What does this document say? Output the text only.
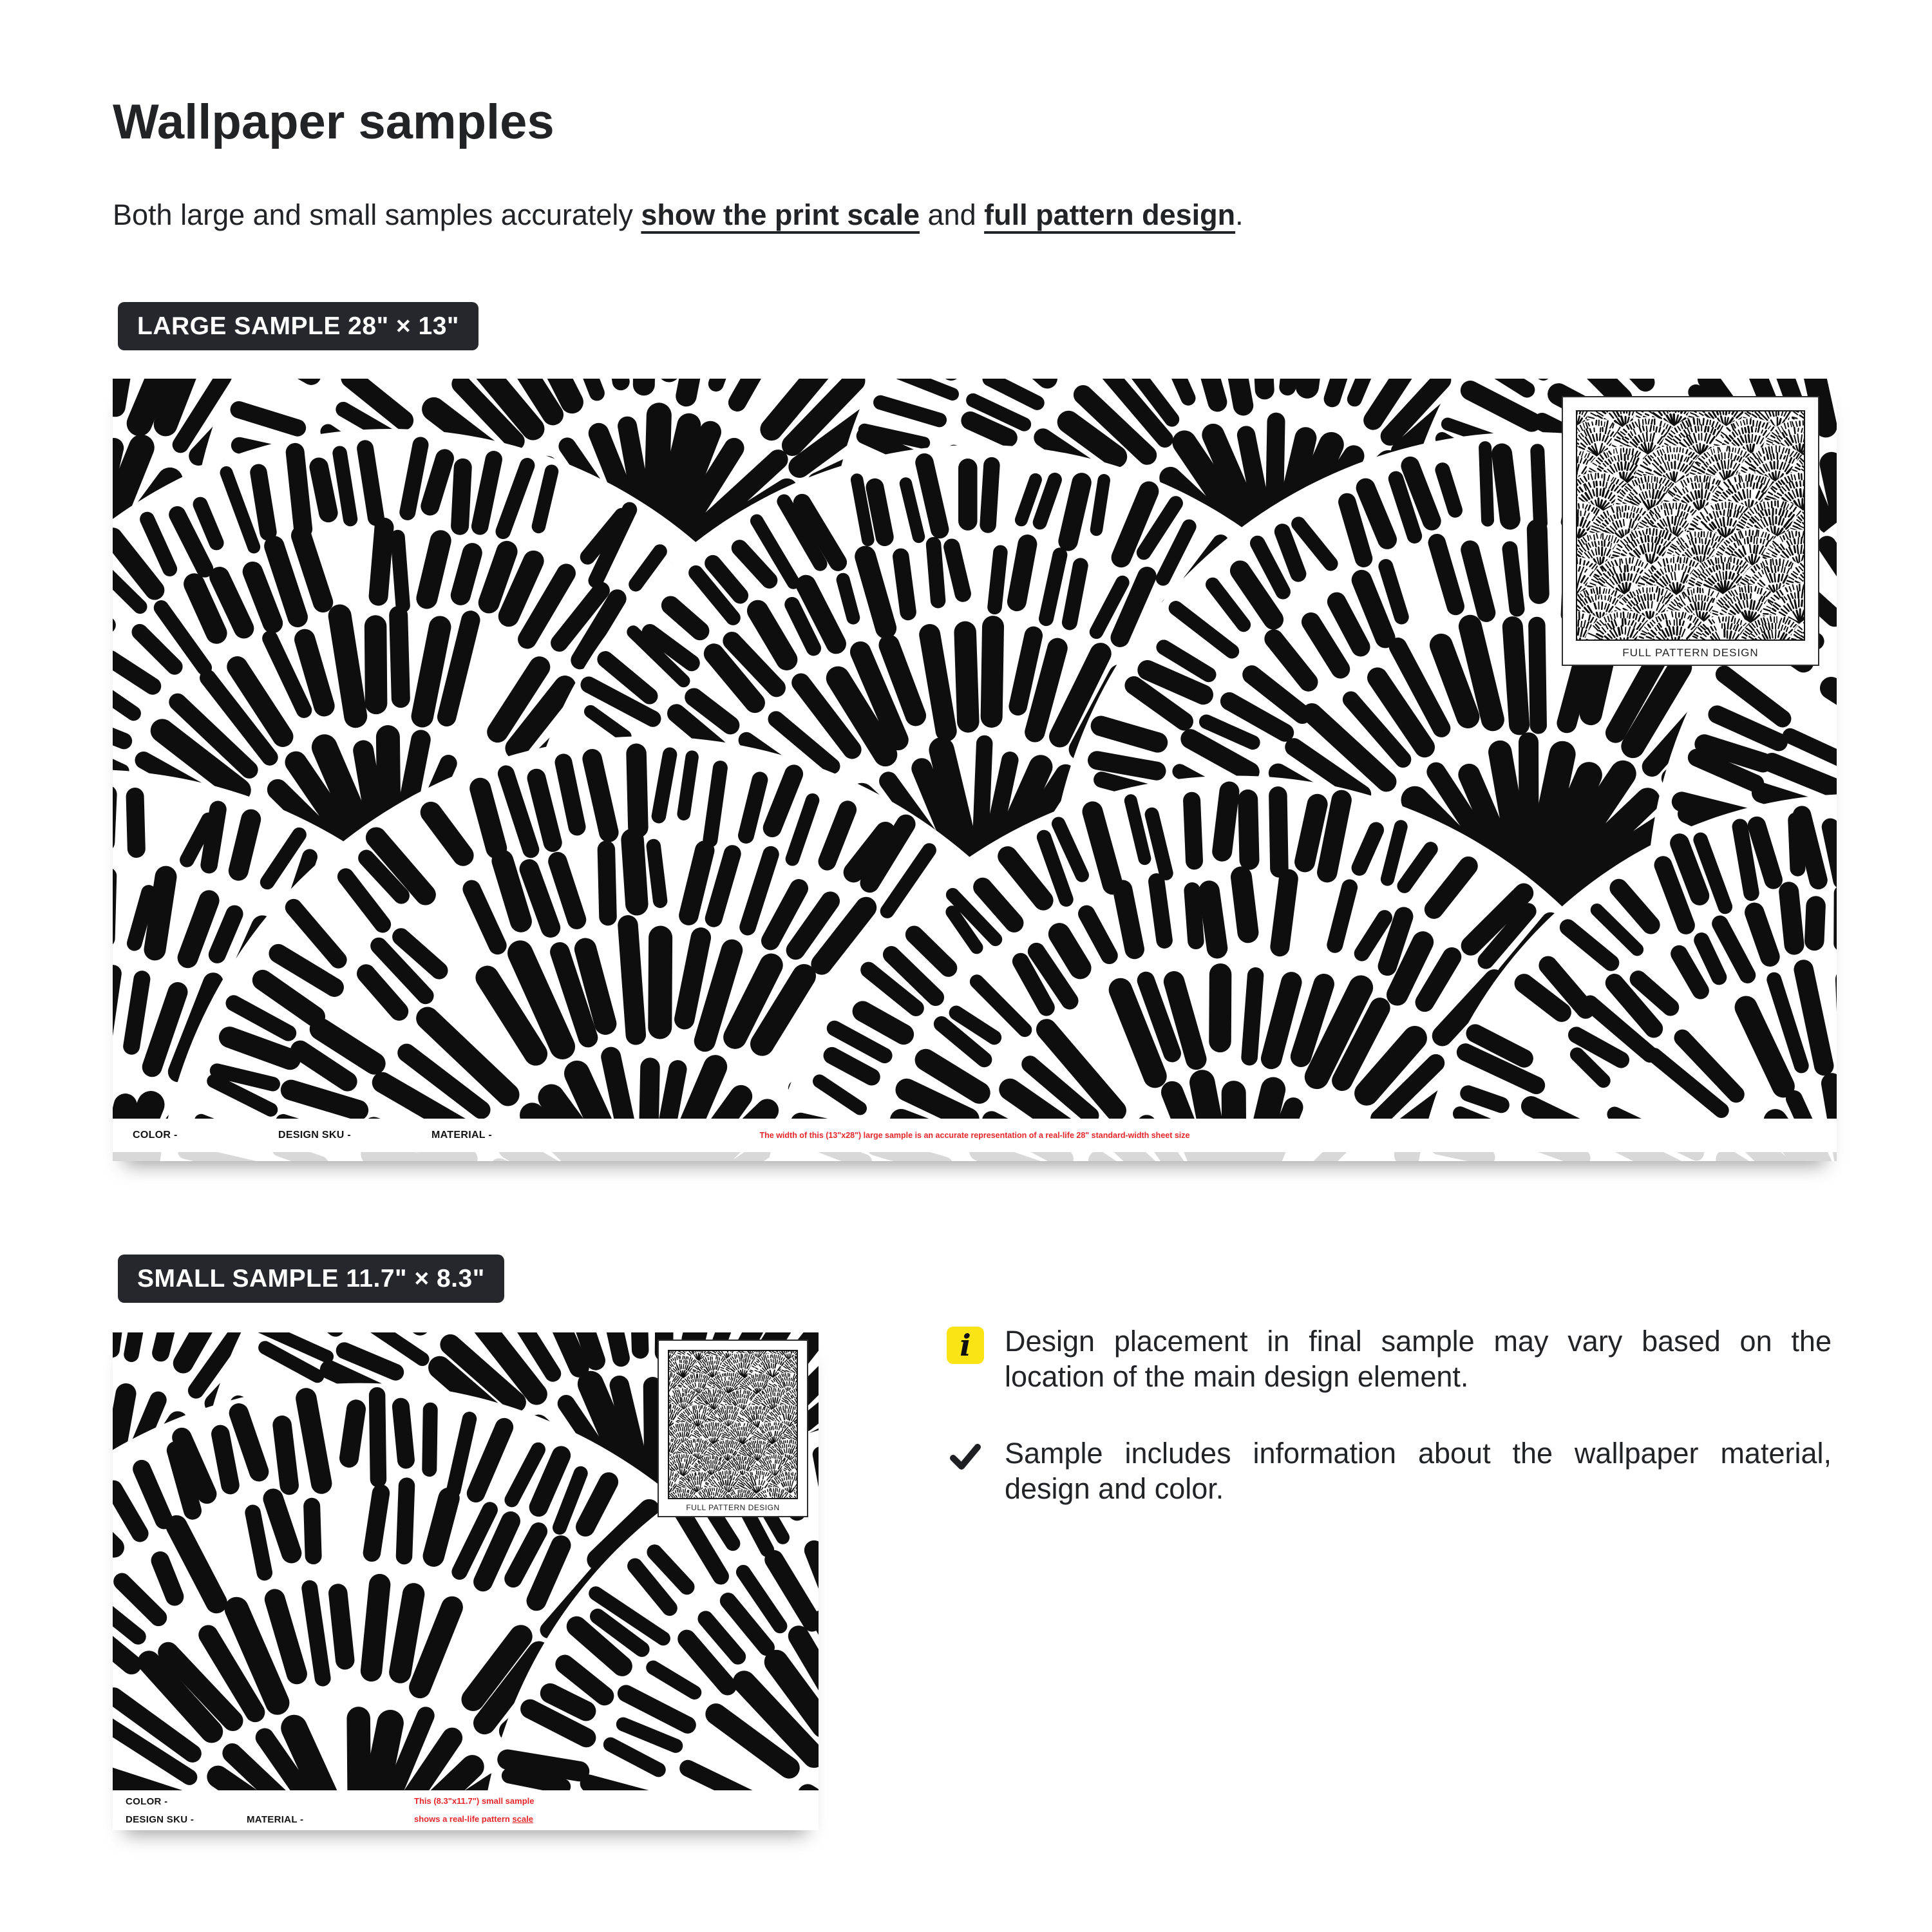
Wallpaper samples

Both large and small samples accurately show the print scale and full pattern design.

LARGE SAMPLE 28" × 13"
FULL PATTERN DESIGN
COLOR -	DESIGN SKU -	MATERIAL -	The width of this (13"x28") large sample is an accurate representation of a real-life 28" standard-width sheet size
SMALL SAMPLE 11.7" × 8.3"
FULL PATTERN DESIGN
COLOR -
DESIGN SKU -	MATERIAL -
This (8.3"x11.7") small sample
shows a real-life pattern scale
i Design placement in final sample may vary based on the location of the main design element.

Sample includes information about the wallpaper material, design and color.
